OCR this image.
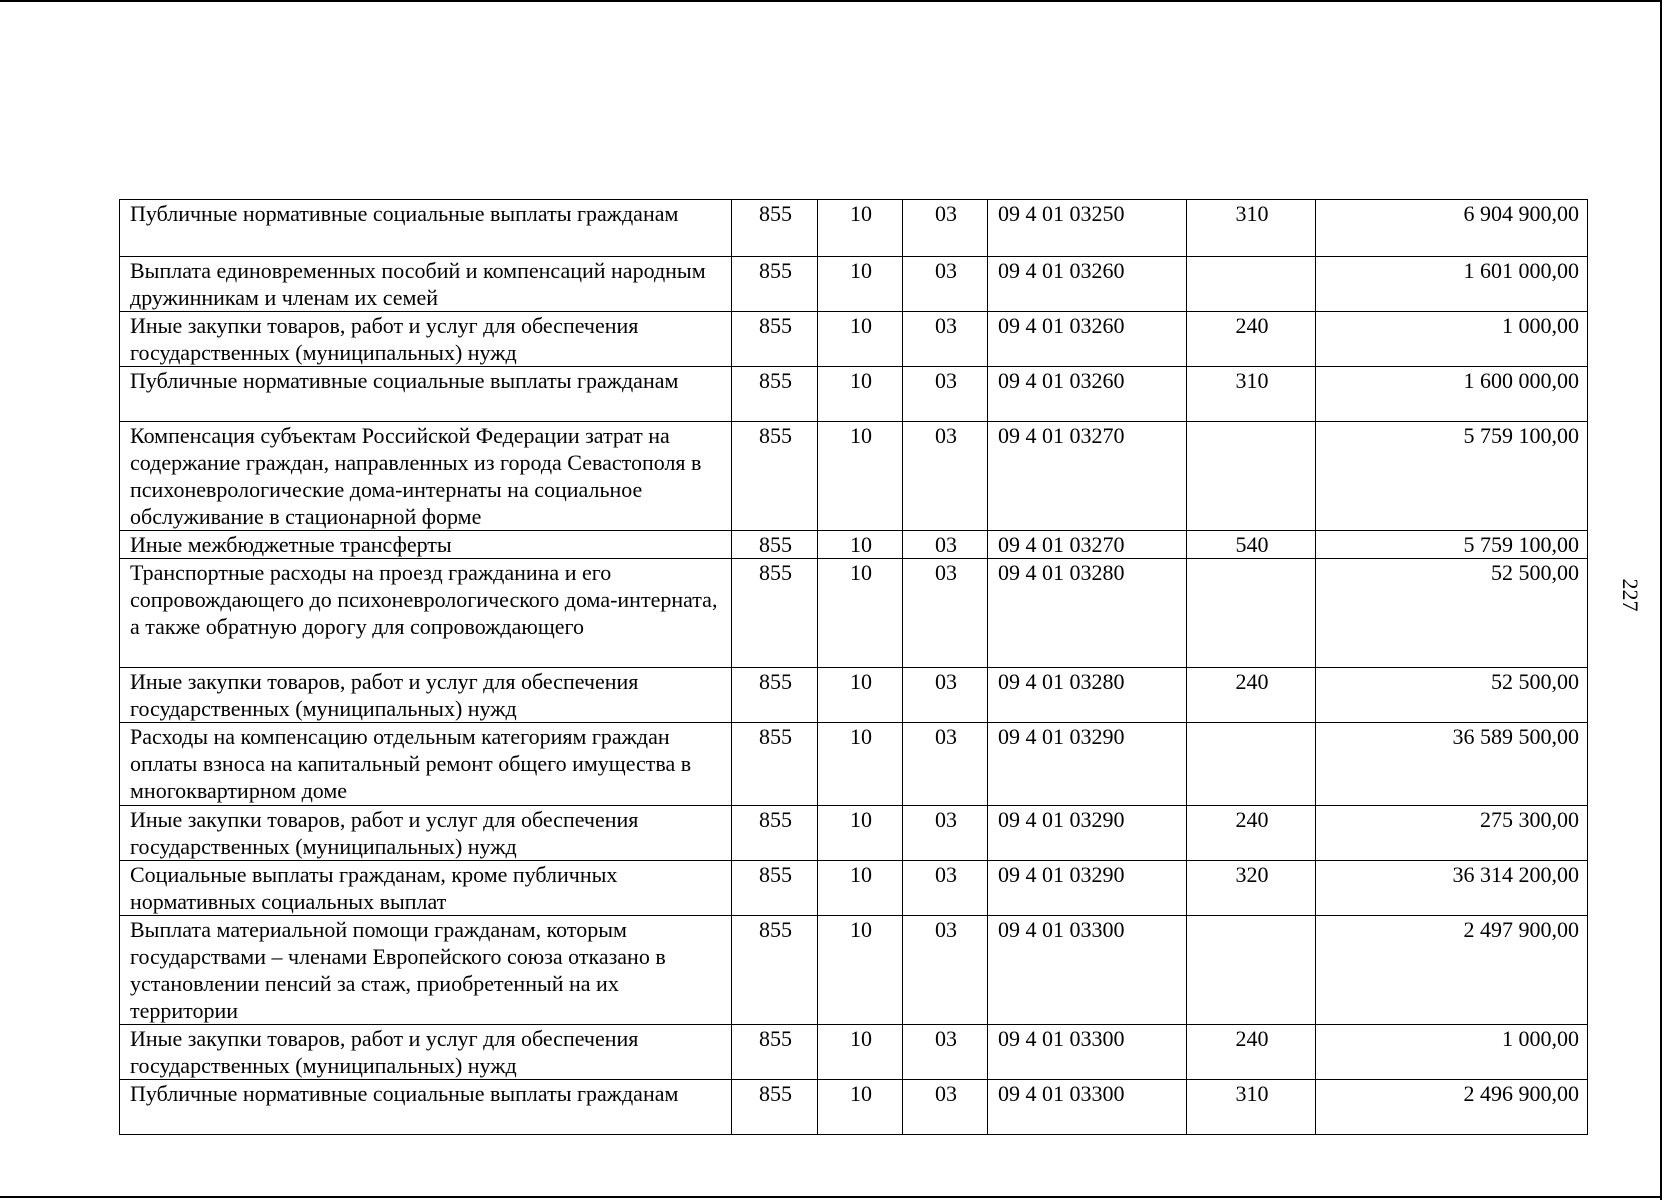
227
Публичные нормативные социальные выплаты гражданам	855	10	03	09 4 01 03250	310	6 904 900,00
Выплата единовременных пособий и компенсаций народным дружинникам и членам их семей	855	10	03	09 4 01 03260		1 601 000,00
Иные закупки товаров, работ и услуг для обеспечения государственных (муниципальных) нужд	855	10	03	09 4 01 03260	240	1 000,00
Публичные нормативные социальные выплаты гражданам	855	10	03	09 4 01 03260	310	1 600 000,00
Компенсация субъектам Российской Федерации затрат на содержание граждан, направленных из города Севастополя в психоневрологические дома-интернаты на социальное обслуживание в стационарной форме	855	10	03	09 4 01 03270		5 759 100,00
Иные межбюджетные трансферты	855	10	03	09 4 01 03270	540	5 759 100,00
Транспортные расходы на проезд гражданина и его сопровождающего до психоневрологического дома-интерната, а также обратную дорогу для сопровождающего	855	10	03	09 4 01 03280		52 500,00
Иные закупки товаров, работ и услуг для обеспечения государственных (муниципальных) нужд	855	10	03	09 4 01 03280	240	52 500,00
Расходы на компенсацию отдельным категориям граждан оплаты взноса на капитальный ремонт общего имущества в многоквартирном доме	855	10	03	09 4 01 03290		36 589 500,00
Иные закупки товаров, работ и услуг для обеспечения государственных (муниципальных) нужд	855	10	03	09 4 01 03290	240	275 300,00
Социальные выплаты гражданам, кроме публичных нормативных социальных выплат	855	10	03	09 4 01 03290	320	36 314 200,00
Выплата материальной помощи гражданам, которым государствами – членами Европейского союза отказано в установлении пенсий за стаж, приобретенный на их территории	855	10	03	09 4 01 03300		2 497 900,00
Иные закупки товаров, работ и услуг для обеспечения государственных (муниципальных) нужд	855	10	03	09 4 01 03300	240	1 000,00
Публичные нормативные социальные выплаты гражданам	855	10	03	09 4 01 03300	310	2 496 900,00
